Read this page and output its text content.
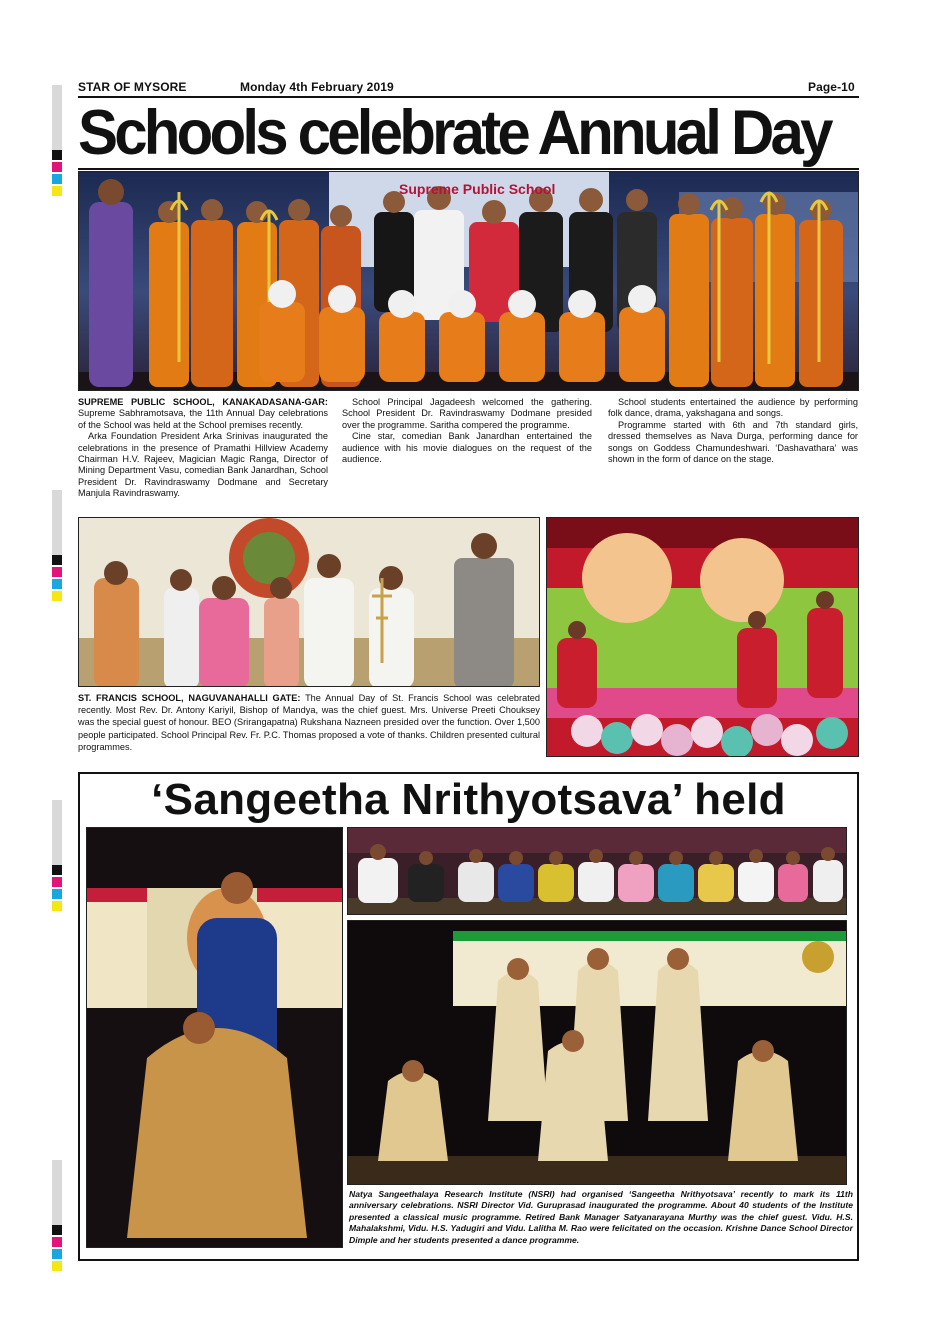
STAR OF MYSORE	Monday 4th February 2019	Page-10
Schools celebrate Annual Day
Supreme Public School

SUPREME PUBLIC SCHOOL, KANAKADASANA-GAR: Supreme Sabhramotsava, the 11th Annual Day celebrations of the School was held at the School premises recently.

Arka Foundation President Arka Srinivas inaugurated the celebrations in the presence of Pramathi Hillview Academy Chairman H.V. Rajeev, Magician Magic Ranga, Director of Mining Department Vasu, comedian Bank Janardhan, School President Dr. Ravindraswamy Dodmane and Secretary Manjula Ravindraswamy.

School Principal Jagadeesh welcomed the gathering. School President Dr. Ravindraswamy Dodmane presided over the programme. Saritha compered the programme.

Cine star, comedian Bank Janardhan entertained the audience with his movie dialogues on the request of the audience.

School students entertained the audience by performing folk dance, drama, yakshagana and songs.

Programme started with 6th and 7th standard girls, dressed themselves as Nava Durga, performing dance for songs on Goddess Chamundeshwari. ‘Dashavathara’ was shown in the form of dance on the stage.

ST. FRANCIS SCHOOL, NAGUVANAHALLI GATE: The Annual Day of St. Francis School was celebrated recently. Most Rev. Dr. Antony Kariyil, Bishop of Mandya, was the chief guest. Mrs. Universe Preeti Chouksey was the special guest of honour. BEO (Srirangapatna) Rukshana Nazneen presided over the function. Over 1,500 people participated. School Principal Rev. Fr. P.C. Thomas proposed a vote of thanks. Children presented cultural programmes.
‘Sangeetha Nrithyotsava’ held
Natya Sangeethalaya Research Institute (NSRI) had organised ‘Sangeetha Nrithyotsava’ recently to mark its 11th anniversary celebrations. NSRI Director Vid. Guruprasad inaugurated the programme. About 40 students of the Institute presented a classical music programme. Retired Bank Manager Satyanarayana Murthy was the chief guest. Vidu. H.S. Mahalakshmi, Vidu. H.S. Yadugiri and Vidu. Lalitha M. Rao were felicitated on the occasion. Krishne Dance School Director Dimple and her students presented a dance programme.
